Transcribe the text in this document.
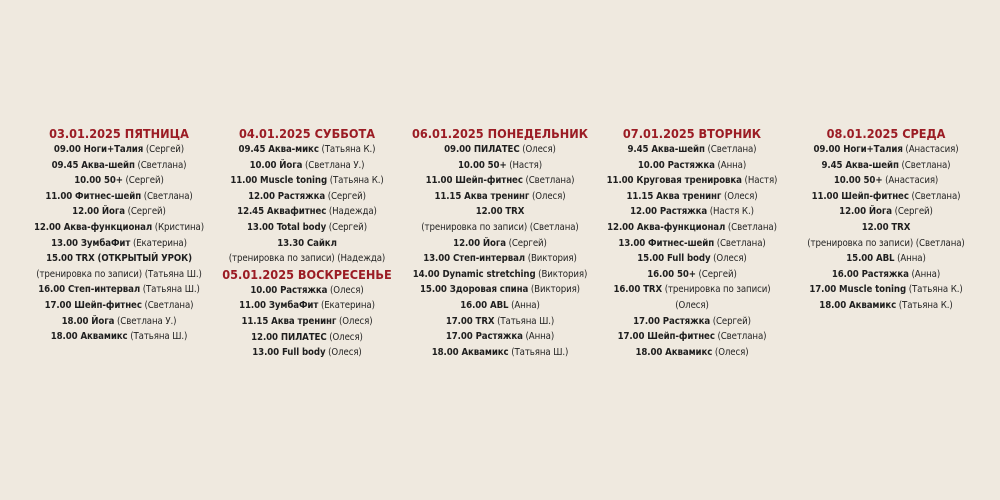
03.01.2025 ПЯТНИЦА
09.00 Ноги+Талия (Сергей)
09.45 Аква-шейп (Светлана)
10.00 50+ (Сергей)
11.00 Фитнес-шейп (Светлана)
12.00 Йога (Сергей)
12.00 Аква-функционал (Кристина)
13.00 ЗумбаФит (Екатерина)
15.00 TRX (ОТКРЫТЫЙ УРОК)
(тренировка по записи) (Татьяна Ш.)
16.00 Степ-интервал (Татьяна Ш.)
17.00 Шейп-фитнес (Светлана)
18.00 Йога (Светлана У.)
18.00 Аквамикс (Татьяна Ш.)
04.01.2025 СУББОТА
09.45 Аква-микс (Татьяна К.)
10.00 Йога (Светлана У.)
11.00 Muscle toning (Татьяна К.)
12.00 Растяжка (Сергей)
12.45 Аквафитнес (Надежда)
13.00 Total body (Сергей)
13.30 Сайкл
(тренировка по записи) (Надежда)
05.01.2025 ВОСКРЕСЕНЬЕ
10.00 Растяжка (Олеся)
11.00 ЗумбаФит (Екатерина)
11.15 Аква тренинг (Олеся)
12.00 ПИЛАТЕС (Олеся)
13.00 Full body (Олеся)
06.01.2025 ПОНЕДЕЛЬНИК
09.00 ПИЛАТЕС (Олеся)
10.00 50+ (Настя)
11.00 Шейп-фитнес (Светлана)
11.15 Аква тренинг (Олеся)
12.00 TRX
(тренировка по записи) (Светлана)
12.00 Йога (Сергей)
13.00 Степ-интервал (Виктория)
14.00 Dynamic stretching (Виктория)
15.00 Здоровая спина (Виктория)
16.00 ABL (Анна)
17.00 TRX (Татьяна Ш.)
17.00 Растяжка (Анна)
18.00 Аквамикс (Татьяна Ш.)
07.01.2025 ВТОРНИК
9.45 Аква-шейп (Светлана)
10.00 Растяжка (Анна)
11.00 Круговая тренировка (Настя)
11.15 Аква тренинг (Олеся)
12.00 Растяжка (Настя К.)
12.00 Аква-функционал (Светлана)
13.00 Фитнес-шейп (Светлана)
15.00 Full body (Олеся)
16.00 50+ (Сергей)
16.00 TRX (тренировка по записи)
(Олеся)
17.00 Растяжка (Сергей)
17.00 Шейп-фитнес (Светлана)
18.00 Аквамикс (Олеся)
08.01.2025 СРЕДА
09.00 Ноги+Талия (Анастасия)
9.45 Аква-шейп (Светлана)
10.00 50+ (Анастасия)
11.00 Шейп-фитнес (Светлана)
12.00 Йога (Сергей)
12.00 TRX
(тренировка по записи) (Светлана)
15.00 ABL (Анна)
16.00 Растяжка (Анна)
17.00 Muscle toning (Татьяна К.)
18.00 Аквамикс (Татьяна К.)
